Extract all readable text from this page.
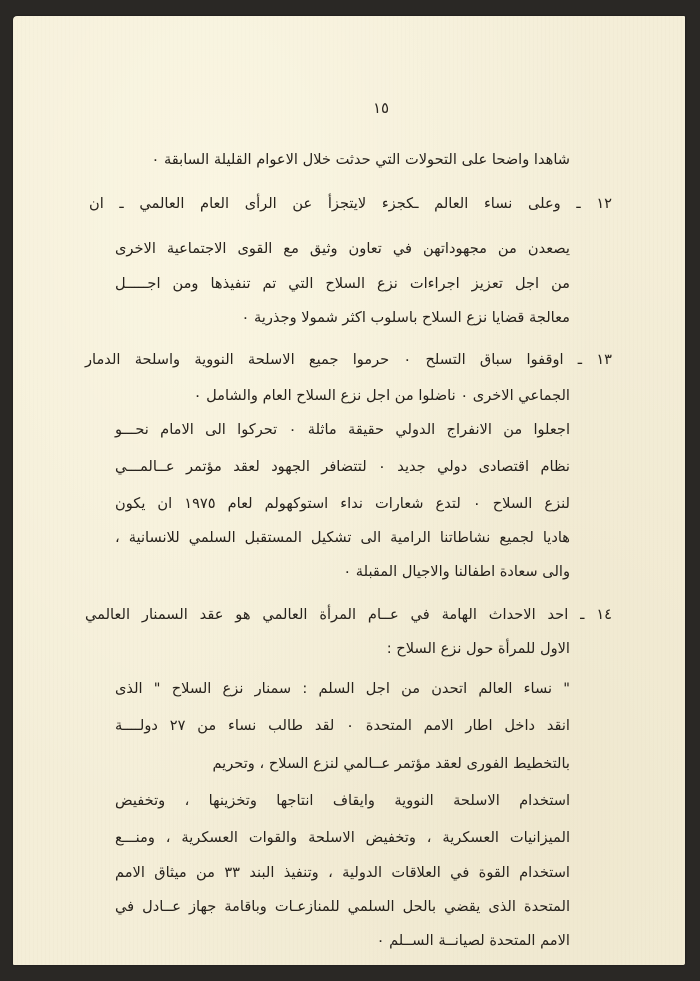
١٥
شاهدا واضحا على التحولات التي حدثت خلال الاعوام القليلة السابقة ٠
١٢ ـ وعلى نساء العالم ـكجزء لايتجزأ عن الرأى العام العالمي ـ ان
يصعدن من مجهوداتهن في تعاون وثيق مع القوى الاجتماعية الاخرى
من اجل تعزيز اجراءات نزع السلاح التي تم تنفيذها ومن اجـــــل
معالجة قضايا نزع السلاح باسلوب اكثر شمولا وجذرية ٠
١٣ ـ اوقفوا سباق التسلح ٠ حرموا جميع الاسلحة النووية واسلحة الدمار
الجماعي الاخرى ٠ ناضلوا من اجل نزع السلاح العام والشامل ٠
اجعلوا من الانفراج الدولي حقيقة ماثلة ٠ تحركوا الى الامام نحـــو
نظام اقتصادى دولي جديد ٠ لتتضافر الجهود لعقد مؤتمر عــالمـــي
لنزع السلاح ٠ لتدع شعارات نداء استوكهولم لعام ١٩٧٥ ان يكون
هاديا لجميع نشاطاتنا الرامية الى تشكيل المستقبل السلمي للانسانية ،
والى سعادة اطفالنا والاجيال المقبلة ٠
١٤ ـ احد الاحداث الهامة في عــام المرأة العالمي هو عقد السمنار العالمي
الاول للمرأة حول نزع السلاح :
" نساء العالم اتحدن من اجل السلم : سمنار نزع السلاح " الذى
انقد داخل اطار الامم المتحدة ٠ لقد طالب نساء من ٢٧ دولــــة
بالتخطيط الفورى لعقد مؤتمر عــالمي لنزع السلاح ، وتحريم
استخدام الاسلحة النووية وايقاف انتاجها وتخزينها ، وتخفيض
الميزانيات العسكرية ، وتخفيض الاسلحة والقوات العسكرية ، ومنـــع
استخدام القوة في العلاقات الدولية ، وتنفيذ البند ٣٣ من ميثاق الامم
المتحدة الذى يقضي بالحل السلمي للمنازعـات وباقامة جهاز عــادل في
الامم المتحدة لصيانــة الســلم ٠
